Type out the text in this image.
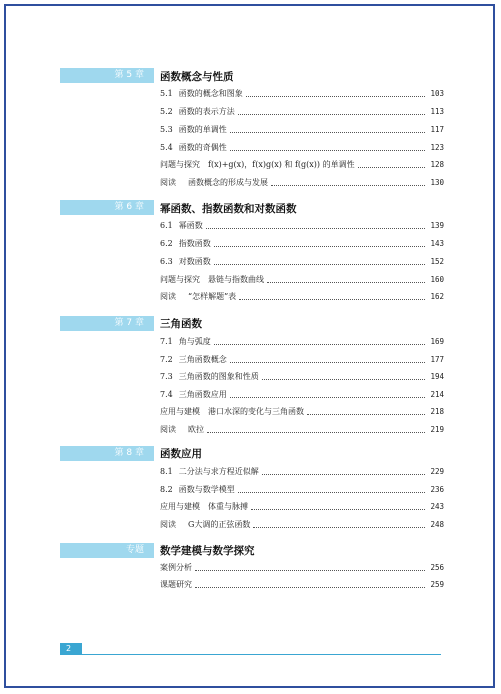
第 5 章	函数概念与性质
5.1 函数的概念和图象	103
5.2 函数的表示方法	113
5.3 函数的单调性	117
5.4 函数的奇偶性	123
问题与探究 f(x)+g(x)，f(x)g(x) 和 f(g(x)) 的单调性	128
阅读 函数概念的形成与发展	130
第 6 章	幂函数、指数函数和对数函数
6.1 幂函数	139
6.2 指数函数	143
6.3 对数函数	152
问题与探究 悬链与指数曲线	160
阅读 “怎样解题”表	162
第 7 章	三角函数
7.1 角与弧度	169
7.2 三角函数概念	177
7.3 三角函数的图象和性质	194
7.4 三角函数应用	214
应用与建模 港口水深的变化与三角函数	218
阅读 欧拉	219
第 8 章	函数应用
8.1 二分法与求方程近似解	229
8.2 函数与数学模型	236
应用与建模 体重与脉搏	243
阅读 G大调的正弦函数	248
专题	数学建模与数学探究
案例分析	256
课题研究	259
2
